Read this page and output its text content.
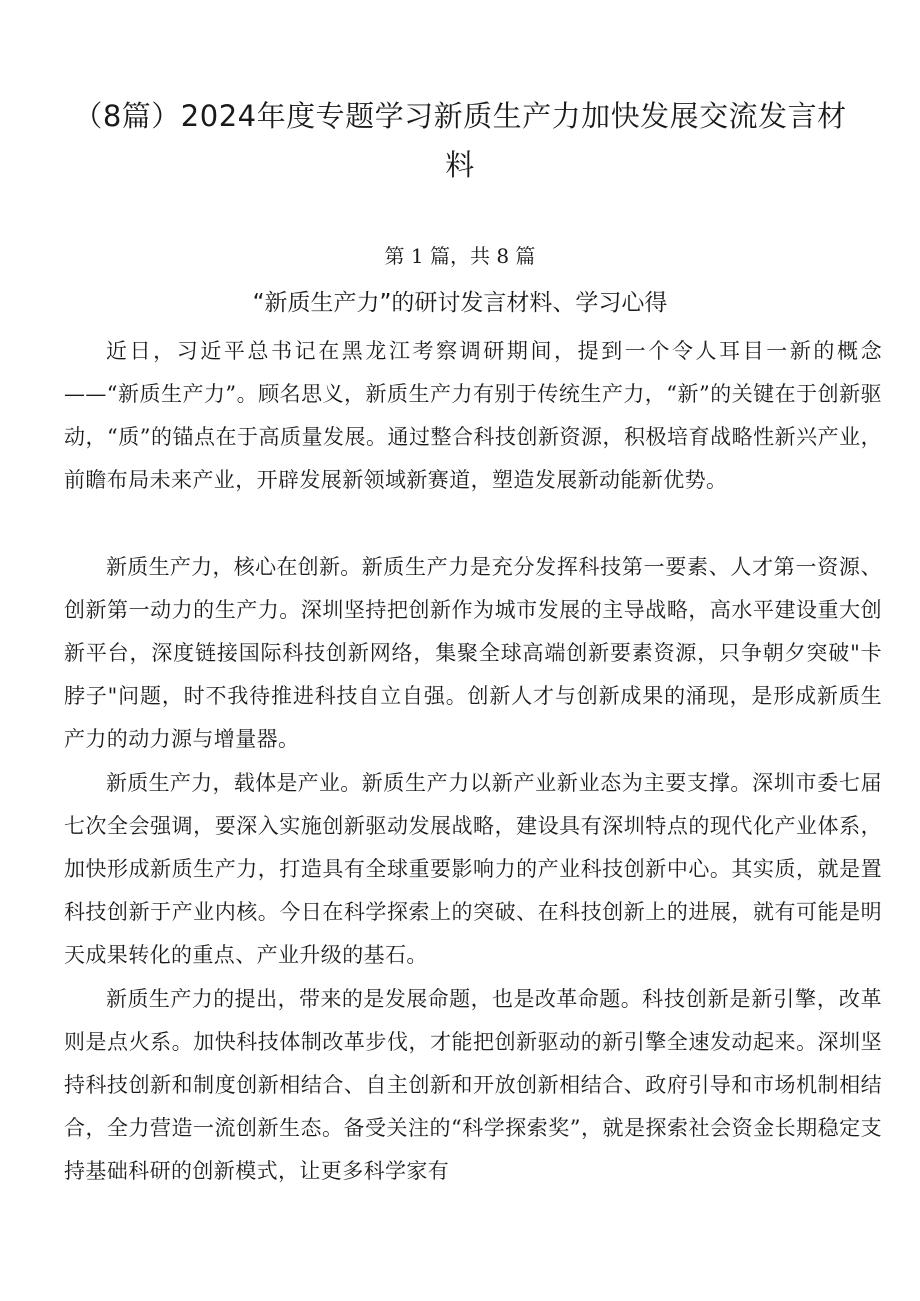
（8篇）2024年度专题学习新质生产力加快发展交流发言材料

第 1 篇，共 8 篇

“新质生产力”的研讨发言材料、学习心得

近日，习近平总书记在黑龙江考察调研期间，提到一个令人耳目一新的概念——“新质生产力”。顾名思义，新质生产力有别于传统生产力，“新”的关键在于创新驱动，“质”的锚点在于高质量发展。通过整合科技创新资源，积极培育战略性新兴产业，前瞻布局未来产业，开辟发展新领域新赛道，塑造发展新动能新优势。

新质生产力，核心在创新。新质生产力是充分发挥科技第一要素、人才第一资源、创新第一动力的生产力。深圳坚持把创新作为城市发展的主导战略，高水平建设重大创新平台，深度链接国际科技创新网络，集聚全球高端创新要素资源，只争朝夕突破"卡脖子"问题，时不我待推进科技自立自强。创新人才与创新成果的涌现，是形成新质生产力的动力源与增量器。

新质生产力，载体是产业。新质生产力以新产业新业态为主要支撑。深圳市委七届七次全会强调，要深入实施创新驱动发展战略，建设具有深圳特点的现代化产业体系，加快形成新质生产力，打造具有全球重要影响力的产业科技创新中心。其实质，就是置科技创新于产业内核。今日在科学探索上的突破、在科技创新上的进展，就有可能是明天成果转化的重点、产业升级的基石。

新质生产力的提出，带来的是发展命题，也是改革命题。科技创新是新引擎，改革则是点火系。加快科技体制改革步伐，才能把创新驱动的新引擎全速发动起来。深圳坚持科技创新和制度创新相结合、自主创新和开放创新相结合、政府引导和市场机制相结合，全力营造一流创新生态。备受关注的“科学探索奖”，就是探索社会资金长期稳定支持基础科研的创新模式，让更多科学家有
